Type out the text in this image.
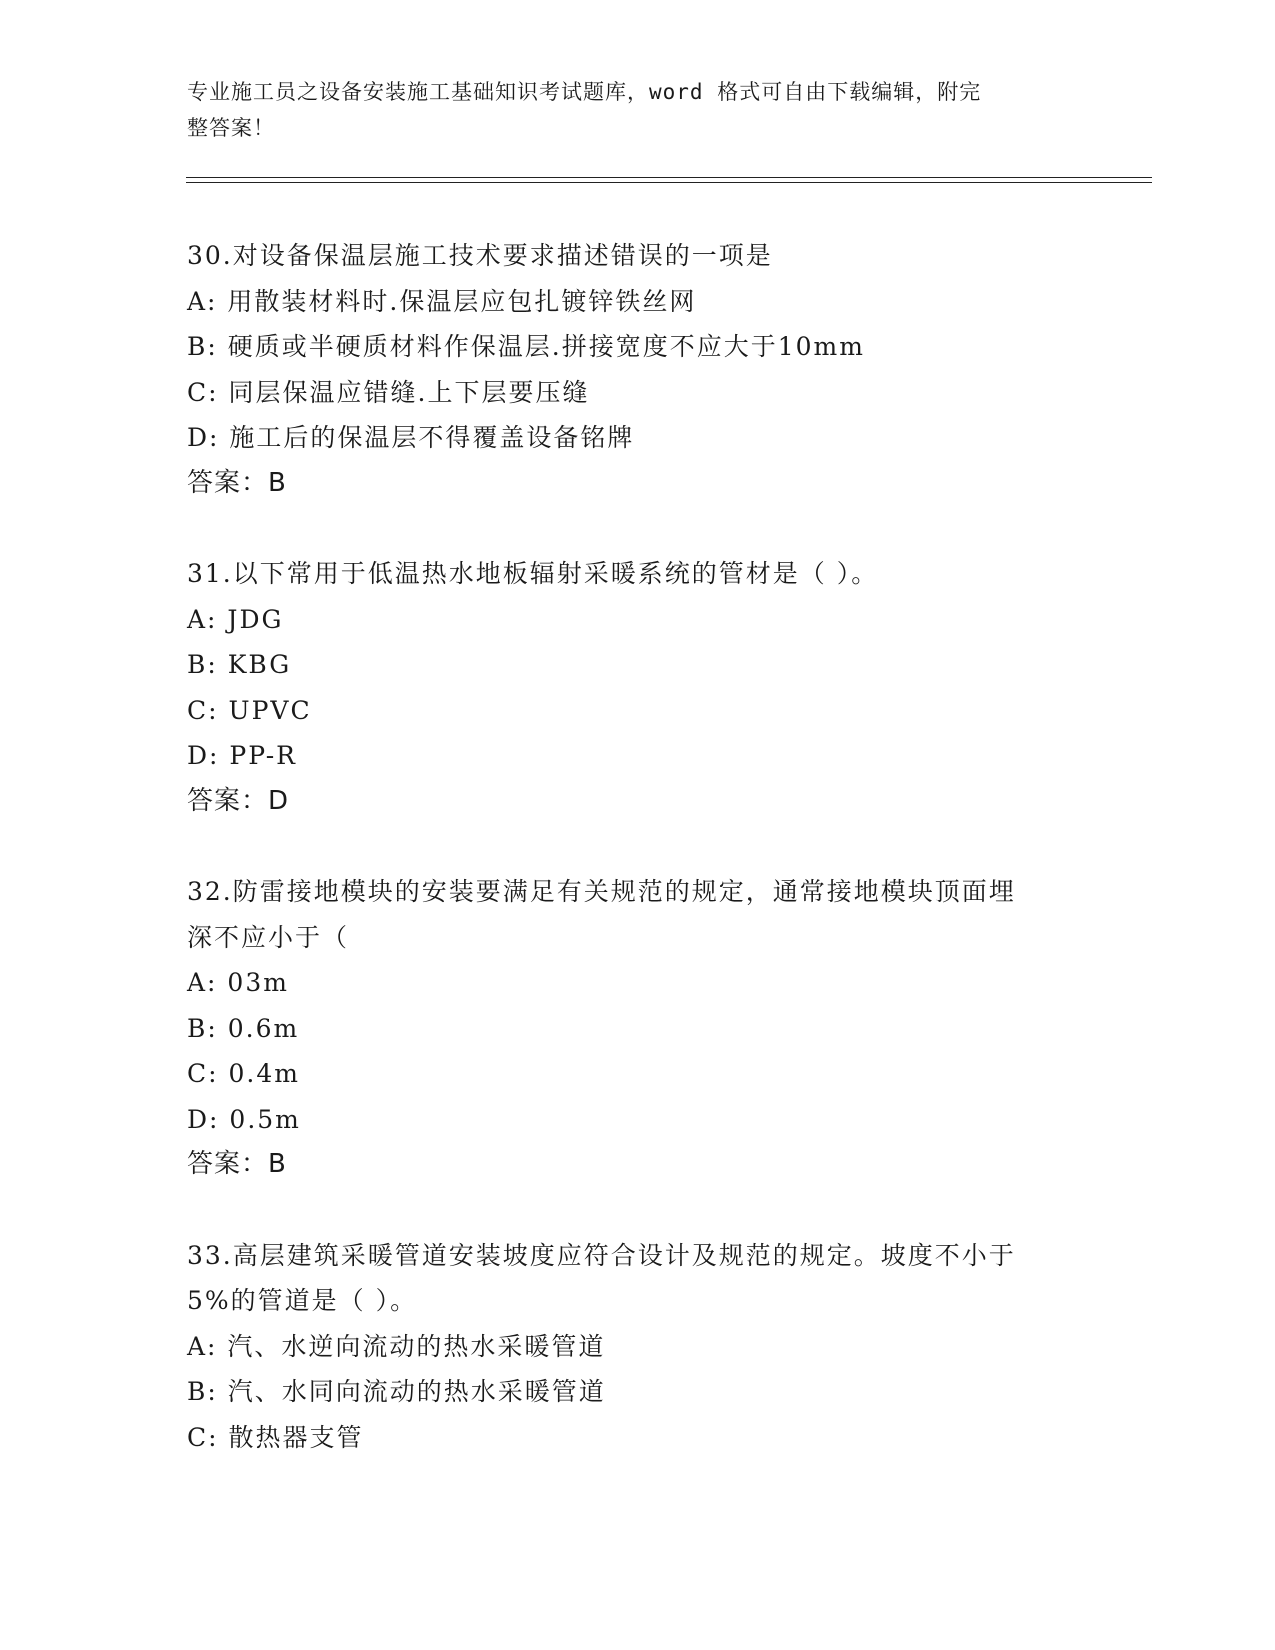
专业施工员之设备安装施工基础知识考试题库，word 格式可自由下载编辑，附完
整答案！
30.对设备保温层施工技术要求描述错误的一项是
A: 用散装材料时.保温层应包扎镀锌铁丝网
B: 硬质或半硬质材料作保温层.拼接宽度不应大于10mm
C: 同层保温应错缝.上下层要压缝
D: 施工后的保温层不得覆盖设备铭牌
答案：B
31.以下常用于低温热水地板辐射采暖系统的管材是（ ）。
A: JDG
B: KBG
C: UPVC
D: PP-R
答案：D
32.防雷接地模块的安装要满足有关规范的规定，通常接地模块顶面埋
深不应小于（
A: 03m
B: 0.6m
C: 0.4m
D: 0.5m
答案：B
33.高层建筑采暖管道安装坡度应符合设计及规范的规定。坡度不小于
5%的管道是（ ）。
A: 汽、水逆向流动的热水采暖管道
B: 汽、水同向流动的热水采暖管道
C: 散热器支管
